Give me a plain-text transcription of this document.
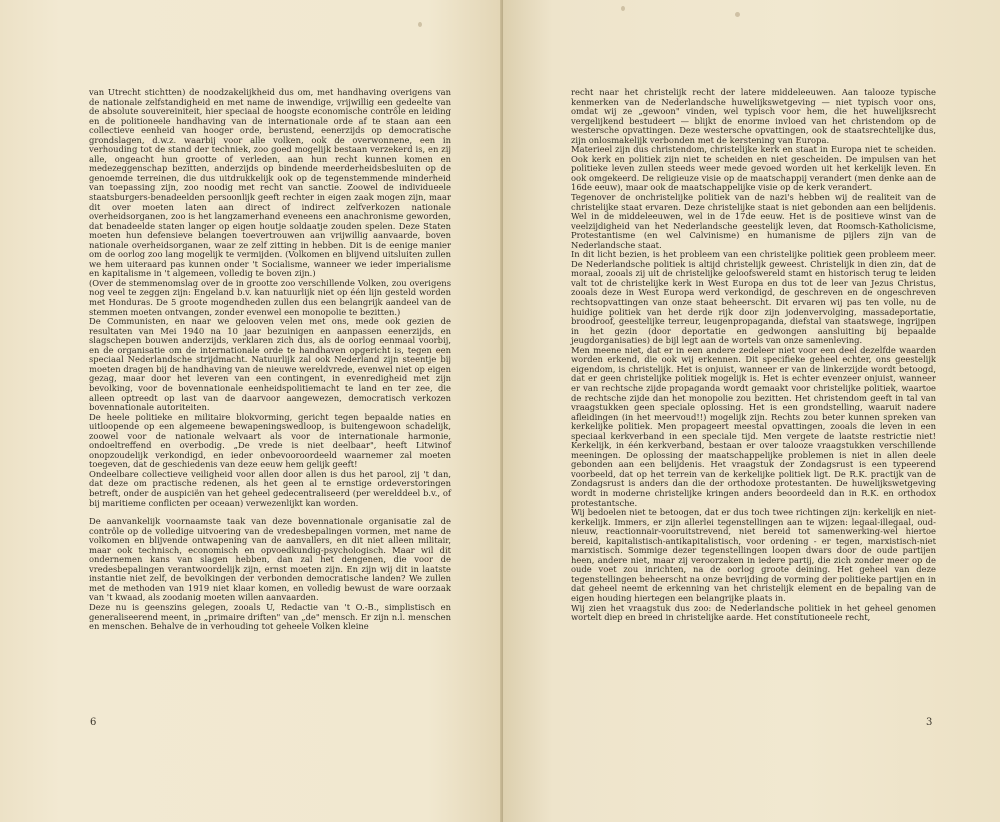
van Utrecht stichtten) de noodzakelijkheid dus om, met handhaving overigens van de nationale zelfstandigheid en met name de inwendige, vrijwillig een gedeelte van de absolute souvereiniteit, hier speciaal de hoogste economische contrôle en leiding en de politioneele handhaving van de internationale orde af te staan aan een collectieve eenheid van hooger orde, berustend, eenerzijds op democratische grondslagen, d.w.z. waarbij voor alle volken, ook de overwonnene, een in verhouding tot de stand der techniek, zoo goed mogelijk bestaan verzekerd is, en zij alle, ongeacht hun grootte of verleden, aan hun recht kunnen komen en medezeggenschap bezitten, anderzijds op bindende meerderheidsbesluiten op de genoemde terreinen, die dus uitdrukkelijk ook op de tegenstemmende minderheid van toepassing zijn, zoo noodig met recht van sanctie. Zoowel de individueele staatsburgers-benadeelden persoonlijk geeft rechter in eigen zaak mogen zijn, maar dit over moeten laten aan direct of indirect zelfverkozen nationale overheidsorganen, zoo is het langzamerhand eveneens een anachronisme geworden, dat benadeelde staten langer op eigen houtje soldaatje zouden spelen. Deze Staten moeten hun defensieve belangen toevertrouwen aan vrijwillig aanvaarde, boven nationale overheidsorganen, waar ze zelf zitting in hebben. Dit is de eenige manier om de oorlog zoo lang mogelijk te vermijden. (Volkomen en blijvend uitsluiten zullen we hem uiteraard pas kunnen onder 't Socialisme, wanneer we ieder imperialisme en kapitalisme in 't algemeen, volledig te boven zijn.)

(Over de stemmenomslag over de in grootte zoo verschillende Volken, zou overigens nog veel te zeggen zijn: Engeland b.v. kan natuurlijk niet op één lijn gesteld worden met Honduras. De 5 groote mogendheden zullen dus een belangrijk aandeel van de stemmen moeten ontvangen, zonder evenwel een monopolie te bezitten.)

De Communisten, en naar we gelooven velen met ons, mede ook gezien de resultaten van Mei 1940 na 10 jaar bezuinigen en aanpassen eenerzijds, en slagschepen bouwen anderzijds, verklaren zich dus, als de oorlog eenmaal voorbij, en de organisatie om de internationale orde te handhaven opgericht is, tegen een speciaal Nederlandsche strijdmacht. Natuurlijk zal ook Nederland zijn steentje bij moeten dragen bij de handhaving van de nieuwe wereldvrede, evenwel niet op eigen gezag, maar door het leveren van een contingent, in evenredigheid met zijn bevolking, voor de bovennationale eenheidspolitiemacht te land en ter zee, die alleen optreedt op last van de daarvoor aangewezen, democratisch verkozen bovennationale autoriteiten.

De heele politieke en militaire blokvorming, gericht tegen bepaalde naties en uitloopende op een algemeene bewapeningswedloop, is buitengewoon schadelijk, zoowel voor de nationale welvaart als voor de internationale harmonie, ondoeltreffend en overbodig. „De vrede is niet deelbaar", heeft Litwinof onopzoudelijk verkondigd, en ieder onbevooroordeeld waarnemer zal moeten toegeven, dat de geschiedenis van deze eeuw hem gelijk geeft!

Ondeelbare collectieve veiligheid voor allen door allen is dus het parool, zij 't dan, dat deze om practische redenen, als het geen al te ernstige ordeverstoringen betreft, onder de auspiciën van het geheel gedecentraliseerd (per werelddeel b.v., of bij maritieme conflicten per oceaan) verwezenlijkt kan worden.

De aanvankelijk voornaamste taak van deze bovennationale organisatie zal de contrôle op de volledige uitvoering van de vredesbepalingen vormen, met name de volkomen en blijvende ontwapening van de aanvallers, en dit niet alleen militair, maar ook technisch, economisch en opvoedkundig-psychologisch. Maar wil dit ondernemen kans van slagen hebben, dan zal het dengenen, die voor de vredesbepalingen verantwoordelijk zijn, ernst moeten zijn. En zijn wij dit in laatste instantie niet zelf, de bevolkingen der verbonden democratische landen? We zullen met de methoden van 1919 niet klaar komen, en volledig bewust de ware oorzaak van 't kwaad, als zoodanig moeten willen aanvaarden.

Deze nu is geenszins gelegen, zooals U, Redactie van 't O.-B., simplistisch en generaliseerend meent, in „primaire driften" van „de" mensch. Er zijn n.l. menschen en menschen. Behalve de in verhouding tot geheele Volken kleine

6

recht naar het christelijk recht der latere middeleeuwen. Aan talooze typische kenmerken van de Nederlandsche huwelijkswetgeving — niet typisch voor ons, omdat wij ze „gewoon" vinden, wel typisch voor hem, die het huwelijksrecht vergelijkend bestudeert — blijkt de enorme invloed van het christendom op de westersche opvattingen. Deze westersche opvattingen, ook de staatsrechtelijke dus, zijn onlosmakelijk verbonden met de kerstening van Europa.

Materieel zijn dus christendom, christelijke kerk en staat in Europa niet te scheiden. Ook kerk en politiek zijn niet te scheiden en niet gescheiden. De impulsen van het politieke leven zullen steeds weer mede gevoed worden uit het kerkelijk leven. En ook omgekeerd. De religieuze visie op de maatschappij verandert (men denke aan de 16de eeuw), maar ook de maatschappelijke visie op de kerk verandert.

Tegenover de onchristelijke politiek van de nazi's hebben wij de realiteit van de christelijke staat ervaren. Deze christelijke staat is niet gebonden aan een belijdenis. Wel in de middeleeuwen, wel in de 17de eeuw. Het is de positieve winst van de veelzijdigheid van het Nederlandsche geestelijk leven, dat Roomsch-Katholicisme, Protestantisme (en wel Calvinisme) en humanisme de pijlers zijn van de Nederlandsche staat.

In dit licht bezien, is het probleem van een christelijke politiek geen probleem meer. De Nederlandsche politiek is altijd christelijk geweest. Christelijk in dien zin, dat de moraal, zooals zij uit de christelijke geloofswereld stamt en historisch terug te leiden valt tot de christelijke kerk in West Europa en dus tot de leer van Jezus Christus, zooals deze in West Europa werd verkondigd, de geschreven en de ongeschreven rechtsopvattingen van onze staat beheerscht. Dit ervaren wij pas ten volle, nu de huidige politiek van het derde rijk door zijn jodenvervolging, massadeportatie, broodroof, geestelijke terreur, leugenpropaganda, diefstal van staatswege, ingrijpen in het gezin (door deportatie en gedwongen aansluiting bij bepaalde jeugdorganisaties) de bijl legt aan de wortels van onze samenleving.

Men meene niet, dat er in een andere zedeleer niet voor een deel dezelfde waarden worden erkend, die ook wij erkennen. Dit specifieke geheel echter, ons geestelijk eigendom, is christelijk. Het is onjuist, wanneer er van de linkerzijde wordt betoogd, dat er geen christelijke politiek mogelijk is. Het is echter evenzeer onjuist, wanneer er van rechtsche zijde propaganda wordt gemaakt voor christelijke politiek, waartoe de rechtsche zijde dan het monopolie zou bezitten. Het christendom geeft in tal van vraagstukken geen speciale oplossing. Het is een grondstelling, waaruit nadere afleidingen (in het meervoud!!) mogelijk zijn. Rechts zou beter kunnen spreken van kerkelijke politiek. Men propageert meestal opvattingen, zooals die leven in een speciaal kerkverband in een speciale tijd. Men vergete de laatste restrictie niet! Kerkelijk, in één kerkverband, bestaan er over talooze vraagstukken verschillende meeningen. De oplossing der maatschappelijke problemen is niet in allen deele gebonden aan een belijdenis. Het vraagstuk der Zondagsrust is een typeerend voorbeeld, dat op het terrein van de kerkelijke politiek ligt. De R.K. practijk van de Zondagsrust is anders dan die der orthodoxe protestanten. De huwelijkswetgeving wordt in moderne christelijke kringen anders beoordeeld dan in R.K. en orthodox protestantsche.

Wij bedoelen niet te betoogen, dat er dus toch twee richtingen zijn: kerkelijk en niet-kerkelijk. Immers, er zijn allerlei tegenstellingen aan te wijzen: legaal-illegaal, oud-nieuw, reactionnair-vooruitstrevend, niet bereid tot samenwerking-wel hiertoe bereid, kapitalistisch-antikapitalistisch, voor ordening - er tegen, marxistisch-niet marxistisch. Sommige dezer tegenstellingen loopen dwars door de oude partijen heen, andere niet, maar zij veroorzaken in iedere partij, die zich zonder meer op de oude voet zou inrichten, na de oorlog groote deining. Het geheel van deze tegenstellingen beheerscht na onze bevrijding de vorming der politieke partijen en in dat geheel neemt de erkenning van het christelijk element en de bepaling van de eigen houding hiertegen een belangrijke plaats in.

Wij zien het vraagstuk dus zoo: de Nederlandsche politiek in het geheel genomen wortelt diep en breed in christelijke aarde. Het constitutioneele recht,

3
